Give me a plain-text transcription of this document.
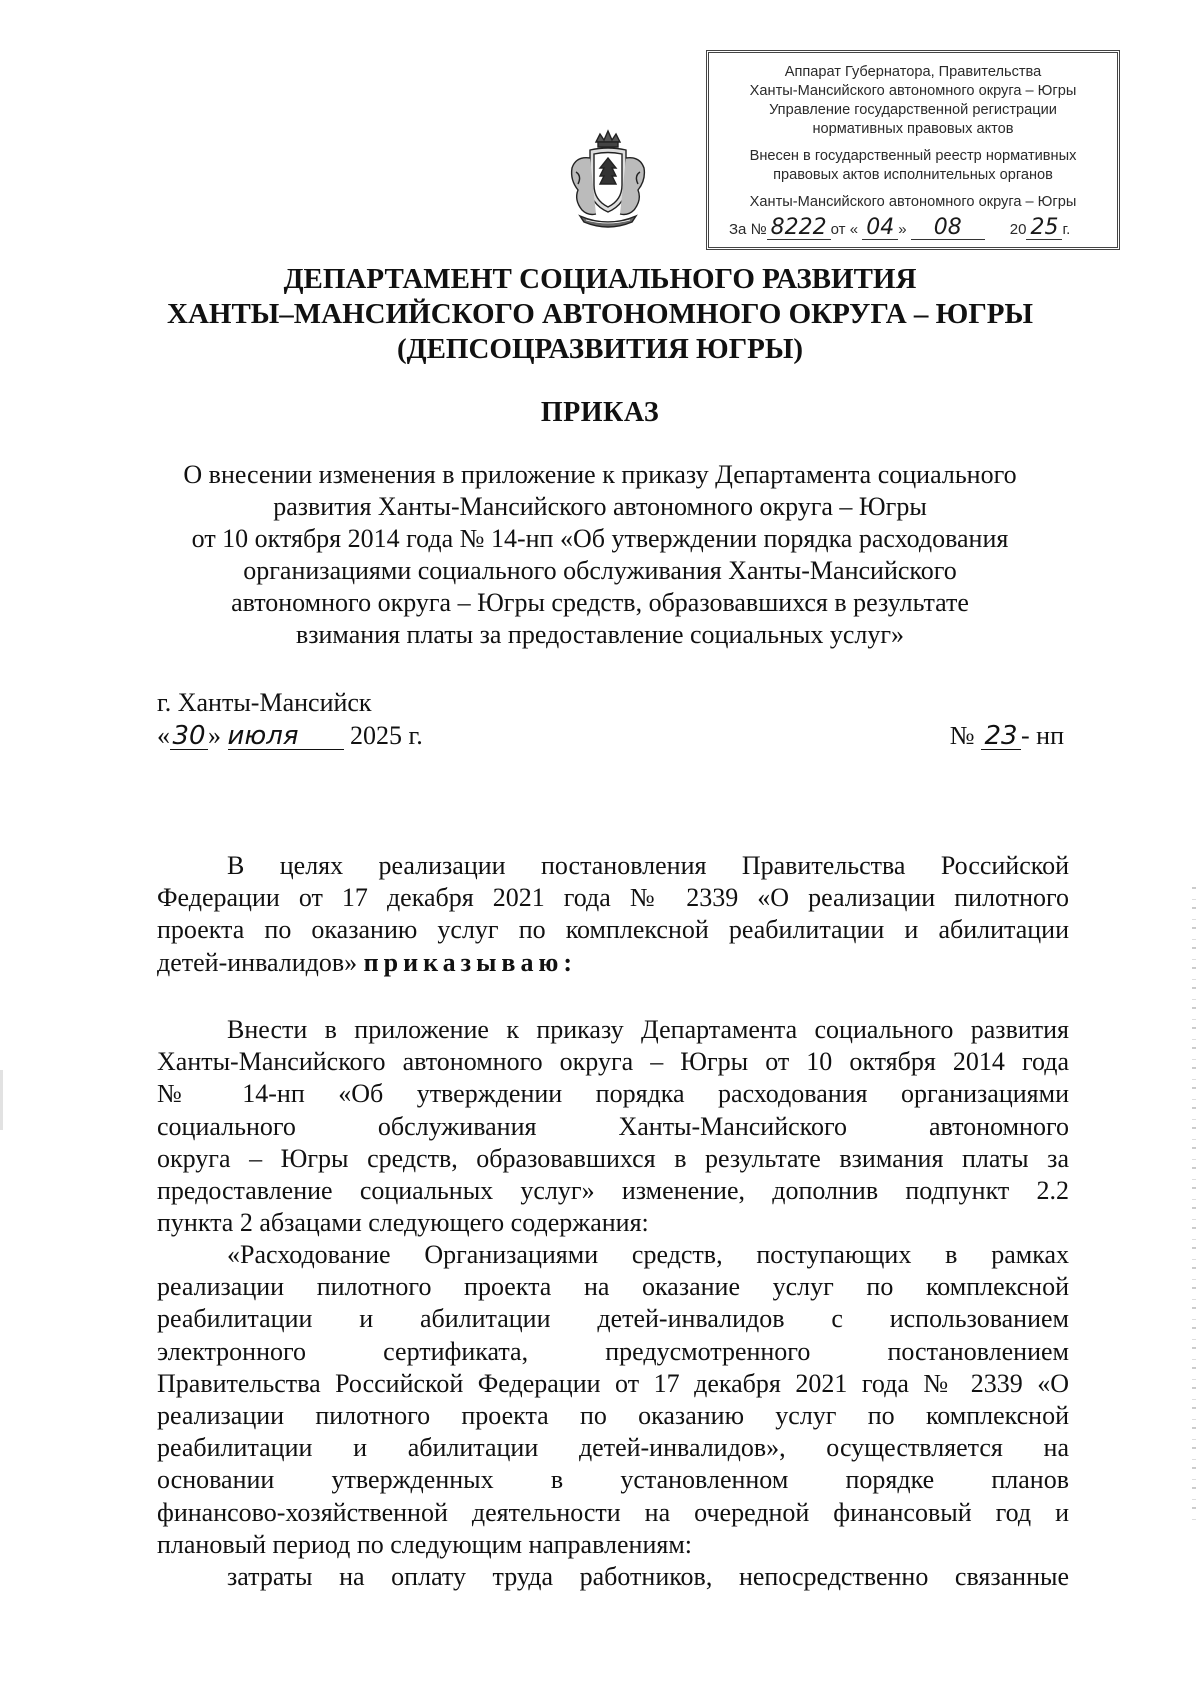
Аппарат Губернатора, Правительства
Ханты-Мансийского автономного округа – Югры
Управление государственной регистрации
нормативных правовых актов
Внесен в государственный реестр нормативных
правовых актов исполнительных органов
Ханты-Мансийского автономного округа – Югры
За № 8222 от « 04 » 08	20 25 г.
ДЕПАРТАМЕНТ СОЦИАЛЬНОГО РАЗВИТИЯ
ХАНТЫ–МАНСИЙСКОГО АВТОНОМНОГО ОКРУГА – ЮГРЫ
(ДЕПСОЦРАЗВИТИЯ ЮГРЫ)
ПРИКАЗ
О внесении изменения в приложение к приказу Департамента социального
развития Ханты-Мансийского автономного округа – Югры
от 10 октября 2014 года № 14-нп «Об утверждении порядка расходования
организациями социального обслуживания Ханты-Мансийского
автономного округа – Югры средств, образовавшихся в результате
взимания платы за предоставление социальных услуг»
г. Ханты-Мансийск
«30» июля 2025 г.	№ 23 - нп
В целях реализации постановления Правительства Российской
Федерации от 17 декабря 2021 года № 2339 «О реализации пилотного
проекта по оказанию услуг по комплексной реабилитации и абилитации
детей-инвалидов» приказываю:
Внести в приложение к приказу Департамента социального развития
Ханты-Мансийского автономного округа – Югры от 10 октября 2014 года
№ 14-нп «Об утверждении порядка расходования организациями
социального обслуживания Ханты-Мансийского автономного
округа – Югры средств, образовавшихся в результате взимания платы за
предоставление социальных услуг» изменение, дополнив подпункт 2.2
пункта 2 абзацами следующего содержания:
«Расходование Организациями средств, поступающих в рамках
реализации пилотного проекта на оказание услуг по комплексной
реабилитации и абилитации детей-инвалидов с использованием
электронного сертификата, предусмотренного постановлением
Правительства Российской Федерации от 17 декабря 2021 года № 2339 «О
реализации пилотного проекта по оказанию услуг по комплексной
реабилитации и абилитации детей-инвалидов», осуществляется на
основании утвержденных в установленном порядке планов
финансово-хозяйственной деятельности на очередной финансовый год и
плановый период по следующим направлениям:
затраты на оплату труда работников, непосредственно связанные
